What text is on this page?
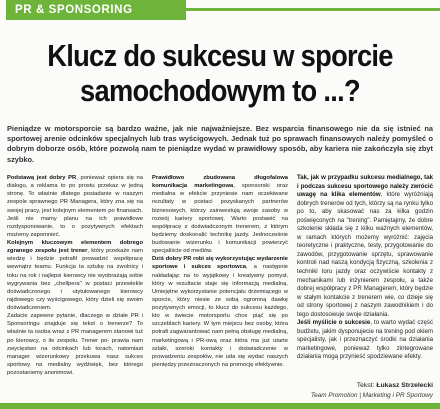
PR & SPONSORING
Klucz do sukcesu w sporcie
samochodowym to ...?

Pieniądze w motorsporcie są bardzo ważne, jak nie najważniejsze. Bez wsparcia finansowego nie da się istnieć na sportowej arenie odcinków specjalnych lub tras wyścigowych. Jednak tuż po sprawach finansowych należy pomyśleć o dobrym doborze osób, które pozwolą nam te pieniądze wydać w prawidłowy sposób, aby kariera nie zakończyła się zbyt szybko.

Podstawą jest dobry PR, ponieważ opiera się na dialogu, a reklama to po prostu przekaz w jedną stronę. To właśnie dlatego posiadanie w naszym zespole sprawnego PR Managera, który zna się na swojej pracy, jest kolejnym elementem po finansach. Jeśli nie mamy planu na ich prawidłowe rozdysponowanie, to o pozytywnych efektach możemy zapomnieć.

Kolejnym kluczowym elementem dobrego zgranego zespołu jest trener, który przekaże nam wiedzę i będzie potrafił prowadzić współpracę wewnątrz teamu. Funkcja ta sztukę na zwolnicy i toku na rok i najlepsi kierowcy nie wyobrażają sobie wygrywania bez „chellpera" w postaci przewlekle doświadczonego i utytułowanego kierowcy rajdowego czy wyścigowego, który dzieli się swoim doświadczeniem.

Zadacie zapewne pytanie, dlaczego w działe PR i Sponsoringu znajduje się tekst o trenerze? To właśnie ta osoba wraz z PR managerem stanowi tuż po kierowcy, o ile zespołu. Trener po- prawia nam zwycięstwo na odcinkach lub torach, natomiast manager wizerunkowy przekuwa nasz sukces sportowy na medialny wydźwięk, bez którego pozostaniemy anonimowi.

Prawidłowo zbudowana długofalowa komunikacja marketingowa, sponsorski oraz medialna w efekcie przyniesie nam oczekiwane rezultaty w postaci pozyskanych partnerów biznesowych, którzy zainwestują swoje zasoby w rozwój kariery sportowej. Warto postawić na współpracę z doświadczonym trenerem, z którym będziemy doskonalić technikę jazdy. Jednocześnie budowanie wizerunku i komunikacji powierzyć specjaliście od mediów.

Dziś dobry PR robi się wykorzystując wydarzenie sportowe i sukces sportowca, a następnie nakładając na to wyjątkowy i kreatywny pomysł, który w rezultacie staje się informacją medialną. Umiejętne wykorzystanie potencjału drzemiącego w sporcie, który niesie ze sobą ogromną dawkę pozytywnych emocji, to klucz do sukcesu każdego, kto w świecie motorsportu chce piąć się po szczeblach kariery. W tym miejscu bez osoby, która potrafi zagwarantować nam pełną obsługę medialną, marketingową i PR-ową oraz która ma już utarte szlaki, szeroki kontakty i doświadczenie w prowadzeniu zespołów, nie uda się wydać naszych pieniędzy przeznaczonych na promocję efektywnie.

Tak, jak w przypadku sukcesu medialnego, tak i podczas sukcesu sportowego należy zwrócić uwagę na klika elementów, które wyróżniają dobrych trenerów od tych, którzy są na rynku tylko po to, aby skasować nas za kilka godzin poświęconych na "trening". Pamiętajmy, że dobre szkolenie składa się z kilku ważnych elementów, w ramach których możemy wyróżnić: zajęcia teoretyczne i praktyczne, testy, przygotowanie do zawodów, przygotowanie sprzętu, sprawowanie kontroli nad naszą kondycją fizyczną, szkolenia z techniki toru jazdy oraz oczywiście kontakty z mechanikami lub inżynierem zespołu, a także dobrej współpracy z PR Managerem, który będzie w stałym kontakcie z trenerem wie, co dzieje się od strony sportowej z naszym zawodnikiem i do tego dostosowuje swoje działania.

Jeśli myślicie o sukcesie, to warto wydać część budżetu, jakim dysponujecie na trening pod okiem specjalisty, jak i przeznaczyć środki na działania marketingowe, ponieważ tylko zintegrowane działania mogą przynieść spodziewane efekty.

Tekst: Łukasz Strzelecki
Team Promotion | Marketing i PR Sportowy
